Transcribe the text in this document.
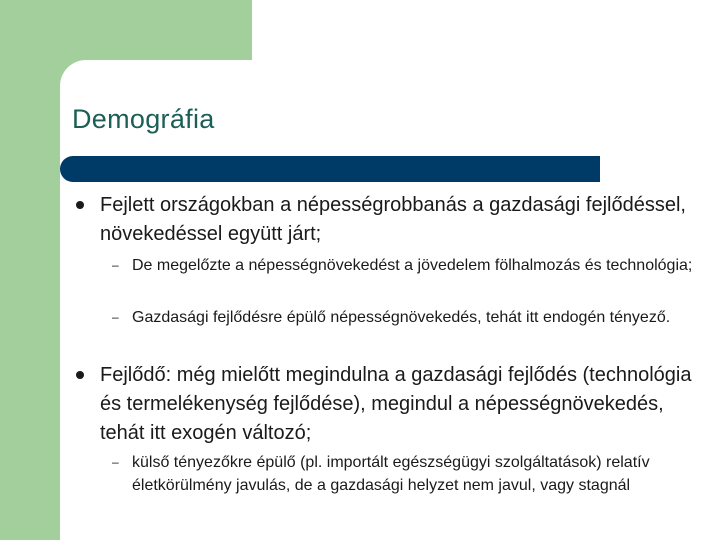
Demográfia

Fejlett országokban a népességrobbanás a gazdasági fejlődéssel, növekedéssel együtt járt;

– De megelőzte a népességnövekedést a jövedelem fölhalmozás és technológia;

– Gazdasági fejlődésre épülő népességnövekedés, tehát itt endogén tényező.

Fejlődő: még mielőtt megindulna a gazdasági fejlődés (technológia és termelékenység fejlődése), megindul a népességnövekedés, tehát itt exogén változó;

– külső tényezőkre épülő (pl. importált egészségügyi szolgáltatások) relatív életkörülmény javulás, de a gazdasági helyzet nem javul, vagy stagnál
